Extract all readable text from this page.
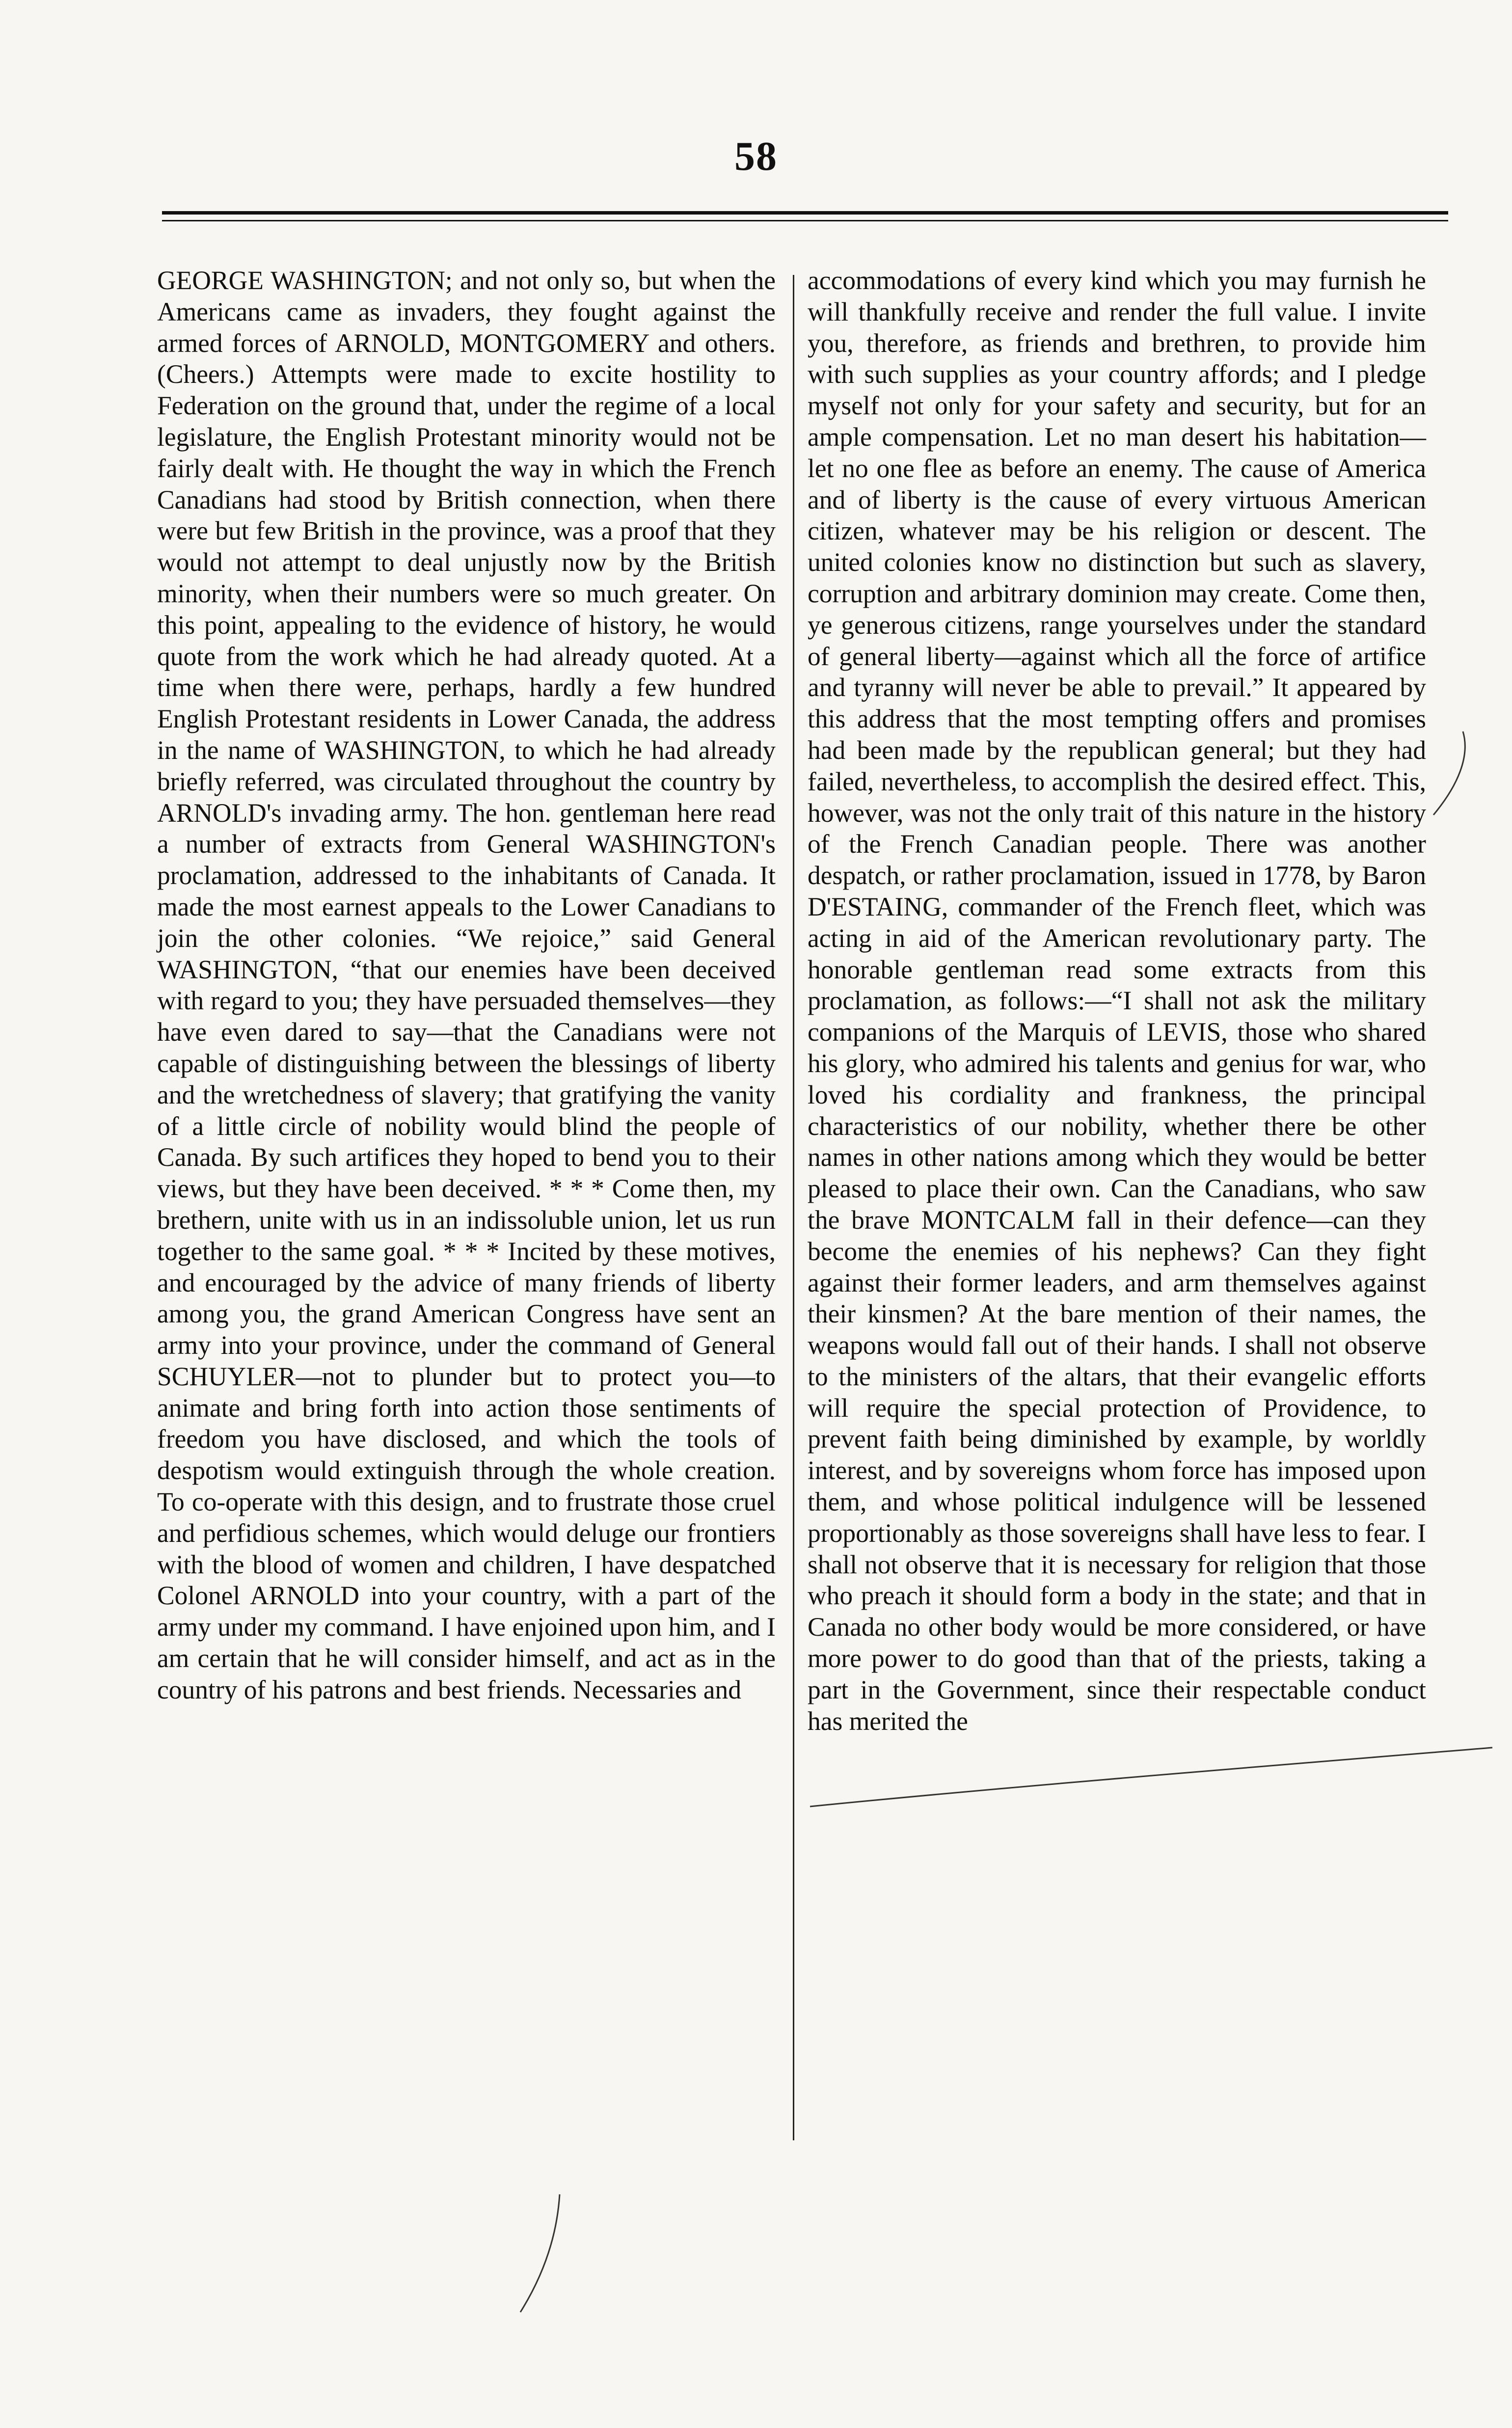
58

GEORGE WASHINGTON; and not only so, but when the Americans came as invaders, they fought against the armed forces of ARNOLD, MONTGOMERY and others. (Cheers.) Attempts were made to excite hostility to Federation on the ground that, under the regime of a local legislature, the English Protestant minority would not be fairly dealt with. He thought the way in which the French Canadians had stood by British connection, when there were but few British in the province, was a proof that they would not attempt to deal unjustly now by the British minority, when their numbers were so much greater. On this point, appealing to the evidence of history, he would quote from the work which he had already quoted. At a time when there were, perhaps, hardly a few hundred English Protestant residents in Lower Canada, the address in the name of WASHINGTON, to which he had already briefly referred, was circulated throughout the country by ARNOLD's invading army. The hon. gentleman here read a number of extracts from General WASHINGTON's proclamation, addressed to the inhabitants of Canada. It made the most earnest appeals to the Lower Canadians to join the other colonies. “We rejoice,” said General WASHINGTON, “that our enemies have been deceived with regard to you; they have persuaded themselves—they have even dared to say—that the Canadians were not capable of distinguishing between the blessings of liberty and the wretchedness of slavery; that gratifying the vanity of a little circle of nobility would blind the people of Canada. By such artifices they hoped to bend you to their views, but they have been deceived. * * * Come then, my brethern, unite with us in an indissoluble union, let us run together to the same goal. * * * Incited by these motives, and encouraged by the advice of many friends of liberty among you, the grand American Congress have sent an army into your province, under the command of General SCHUYLER—not to plunder but to protect you—to animate and bring forth into action those sentiments of freedom you have disclosed, and which the tools of despotism would extinguish through the whole creation. To co-operate with this design, and to frustrate those cruel and perfidious schemes, which would deluge our frontiers with the blood of women and children, I have despatched Colonel ARNOLD into your country, with a part of the army under my command. I have enjoined upon him, and I am certain that he will consider himself, and act as in the country of his patrons and best friends. Necessaries and

accommodations of every kind which you may furnish he will thankfully receive and render the full value. I invite you, therefore, as friends and brethren, to provide him with such supplies as your country affords; and I pledge myself not only for your safety and security, but for an ample compensation. Let no man desert his habitation—let no one flee as before an enemy. The cause of America and of liberty is the cause of every virtuous American citizen, whatever may be his religion or descent. The united colonies know no distinction but such as slavery, corruption and arbitrary dominion may create. Come then, ye generous citizens, range yourselves under the standard of general liberty—against which all the force of artifice and tyranny will never be able to prevail.” It appeared by this address that the most tempting offers and promises had been made by the republican general; but they had failed, nevertheless, to accomplish the desired effect. This, however, was not the only trait of this nature in the history of the French Canadian people. There was another despatch, or rather proclamation, issued in 1778, by Baron D'ESTAING, commander of the French fleet, which was acting in aid of the American revolutionary party. The honorable gentleman read some extracts from this proclamation, as follows:—“I shall not ask the military companions of the Marquis of LEVIS, those who shared his glory, who admired his talents and genius for war, who loved his cordiality and frankness, the principal characteristics of our nobility, whether there be other names in other nations among which they would be better pleased to place their own. Can the Canadians, who saw the brave MONTCALM fall in their defence—can they become the enemies of his nephews? Can they fight against their former leaders, and arm themselves against their kinsmen? At the bare mention of their names, the weapons would fall out of their hands. I shall not observe to the ministers of the altars, that their evangelic efforts will require the special protection of Providence, to prevent faith being diminished by example, by worldly interest, and by sovereigns whom force has imposed upon them, and whose political indulgence will be lessened proportionably as those sovereigns shall have less to fear. I shall not observe that it is necessary for religion that those who preach it should form a body in the state; and that in Canada no other body would be more considered, or have more power to do good than that of the priests, taking a part in the Government, since their respectable conduct has merited the
